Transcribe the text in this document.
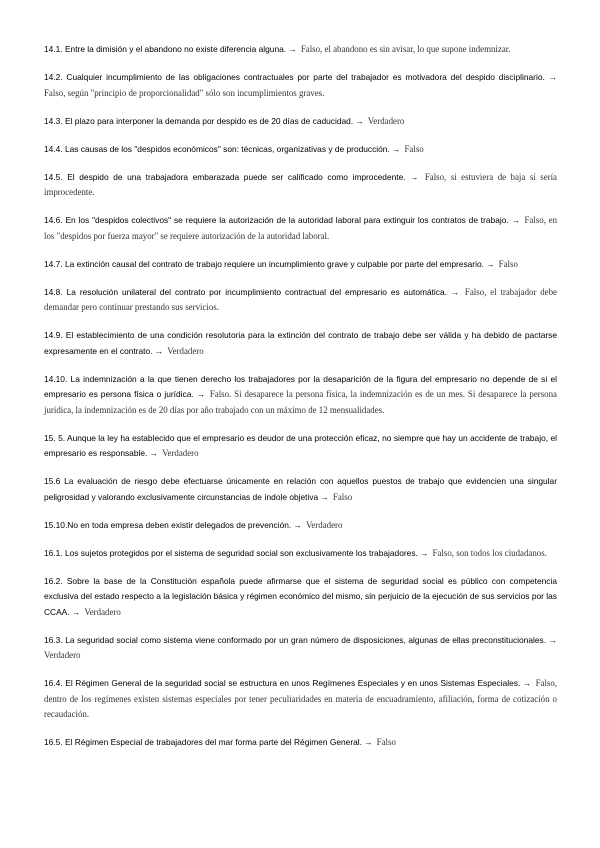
14.1. Entre la dimisión y el abandono no existe diferencia alguna. → Falso, el abandono es sin avisar, lo que supone indemnizar.

14.2. Cualquier incumplimiento de las obligaciones contractuales por parte del trabajador es motivadora del despido disciplinario. → Falso, según "principio de proporcionalidad" sólo son incumplimientos graves.

14.3. El plazo para interponer la demanda por despido es de 20 días de caducidad. → Verdadero

14.4. Las causas de los "despidos económicos" son: técnicas, organizativas y de producción. → Falso

14.5. El despido de una trabajadora embarazada puede ser calificado como improcedente. → Falso, si estuviera de baja sí sería improcedente.

14.6. En los "despidos colectivos" se requiere la autorización de la autoridad laboral para extinguir los contratos de trabajo. → Falso, en los "despidos por fuerza mayor" se requiere autorización de la autoridad laboral.

14.7. La extinción causal del contrato de trabajo requiere un incumplimiento grave y culpable por parte del empresario. → Falso

14.8. La resolución unilateral del contrato por incumplimiento contractual del empresario es automática. → Falso, el trabajador debe demandar pero continuar prestando sus servicios.

14.9. El establecimiento de una condición resolutoria para la extinción del contrato de trabajo debe ser válida y ha debido de pactarse expresamente en el contrato. → Verdadero

14.10. La indemnización a la que tienen derecho los trabajadores por la desaparición de la figura del empresario no depende de si el empresario es persona física o jurídica. → Falso. Si desaparece la persona física, la indemnización es de un mes. Si desaparece la persona jurídica, la indemnización es de 20 días por año trabajado con un máximo de 12 mensualidades.

15. 5. Aunque la ley ha establecido que el empresario es deudor de una protección eficaz, no siempre que hay un accidente de trabajo, el empresario es responsable. → Verdadero

15.6 La evaluación de riesgo debe efectuarse únicamente en relación con aquellos puestos de trabajo que evidencien una singular peligrosidad y valorando exclusivamente circunstancias de índole objetiva → Falso

15.10.No en toda empresa deben existir delegados de prevención. → Verdadero

16.1. Los sujetos protegidos por el sistema de seguridad social son exclusivamente los trabajadores. → Falso, son todos los ciudadanos.

16.2. Sobre la base de la Constitución española puede afirmarse que el sistema de seguridad social es público con competencia exclusiva del estado respecto a la legislación básica y régimen económico del mismo, sin perjuicio de la ejecución de sus servicios por las CCAA. → Verdadero

16.3. La seguridad social como sistema viene conformado por un gran número de disposiciones, algunas de ellas preconstitucionales. → Verdadero

16.4. El Régimen General de la seguridad social se estructura en unos Regímenes Especiales y en unos Sistemas Especiales. → Falso, dentro de los regímenes existen sistemas especiales por tener peculiaridades en materia de encuadramiento, afiliación, forma de cotización o recaudación.

16.5. El Régimen Especial de trabajadores del mar forma parte del Régimen General. → Falso
